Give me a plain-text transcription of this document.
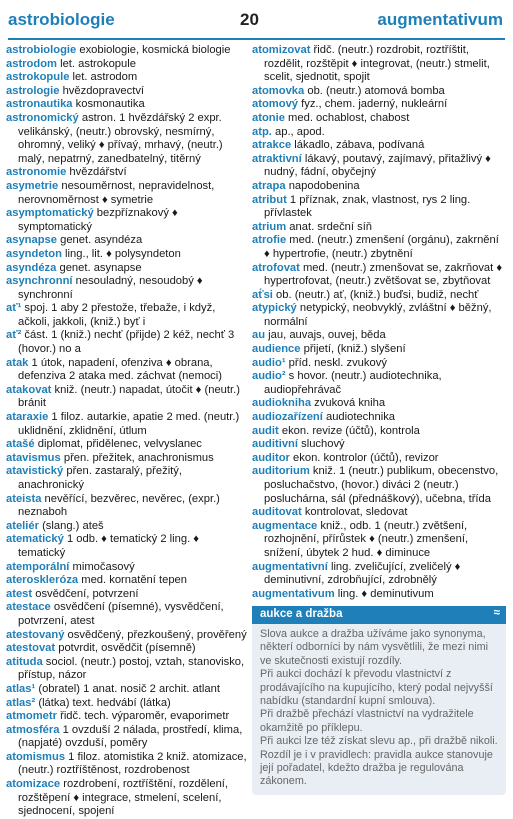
astrobiologie	20	augmentativum

astrobiologie exobiologie, kosmická biologie

astrodom let. astrokopule

astrokopule let. astrodom

astrologie hvězdopravectví

astronautika kosmonautika

astronomický astron. 1 hvězdářský 2 expr. velikánský, (neutr.) obrovský, nesmírný, ohromný, veliký ♦ přívaý, mrhavý, (neutr.) malý, nepatrný, zanedbatelný, titěrný

astronomie hvězdářství

asymetrie nesouměrnost, nepravidelnost, nerovnoměrnost ♦ symetrie

asymptomatický bezpříznakový ♦ symptomatický

asynapse genet. asyndéza

asyndeton ling., lit. ♦ polysyndeton

asyndéza genet. asynapse

asynchronní nesouladný, nesoudobý ♦ synchronní

ať¹ spoj. 1 aby 2 přestože, třebaže, i když, ačkoli, jakkoli, (kniž.) byť i

ať² část. 1 (kniž.) nechť (přijde) 2 kéž, nechť 3 (hovor.) no a

atak 1 útok, napadení, ofenziva ♦ obrana, defenziva 2 ataka med. záchvat (nemoci)

atakovat kniž. (neutr.) napadat, útočit ♦ (neutr.) bránit

ataraxie 1 filoz. autarkie, apatie 2 med. (neutr.) uklidnění, zklidnění, útlum

atašé diplomat, přidělenec, velvyslanec

atavismus přen. přežitek, anachronismus

atavistický přen. zastaralý, přežitý, anachronický

ateista nevěřící, bezvěrec, nevěrec, (expr.) neznaboh

ateliér (slang.) ateš

atematický 1 odb. ♦ tematický 2 ling. ♦ tematický

atemporální mimočasový

ateroskleróza med. kornatění tepen

atest osvědčení, potvrzení

atestace osvědčení (písemné), vysvědčení, potvrzení, atest

atestovaný osvědčený, přezkoušený, prověřený

atestovat potvrdit, osvědčit (písemně)

atituda sociol. (neutr.) postoj, vztah, stanovisko, přístup, názor

atlas¹ (obratel) 1 anat. nosič 2 archit. atlant

atlas² (látka) text. hedvábí (látka)

atmometr řidč. tech. výparoměr, evaporimetr

atmosféra 1 ovzduší 2 nálada, prostředí, klima, (napjaté) ovzduší, poměry

atomismus 1 filoz. atomistika 2 kniž. atomizace, (neutr.) roztříštěnost, rozdrobenost

atomizace rozdrobení, roztříštění, rozdělení, rozštěpení ♦ integrace, stmelení, scelení, sjednocení, spojení

atomizovat řidč. (neutr.) rozdrobit, roztříštit, rozdělit, rozštěpit ♦ integrovat, (neutr.) stmelit, scelit, sjednotit, spojit

atomovka ob. (neutr.) atomová bomba

atomový fyz., chem. jaderný, nukleární

atonie med. ochablost, chabost

atp. ap., apod.

atrakce lákadlo, zábava, podívaná

atraktivní lákavý, poutavý, zajímavý, přitažlivý ♦ nudný, fádní, obyčejný

atrapa napodobenina

atribut 1 příznak, znak, vlastnost, rys 2 ling. přívlastek

atrium anat. srdeční síň

atrofie med. (neutr.) zmenšení (orgánu), zakrnění ♦ hypertrofie, (neutr.) zbytnění

atrofovat med. (neutr.) zmenšovat se, zakrňovat ♦ hypertrofovat, (neutr.) zvětšovat se, zbytňovat

ať́si ob. (neutr.) ať, (kniž.) buďsi, budiž, nechť

atypický netypický, neobvyklý, zvláštní ♦ běžný, normální

au jau, auvajs, ouvej, běda

audience přijetí, (kniž.) slyšení

audio¹ příd. neskl. zvukový

audio² s hovor. (neutr.) audiotechnika, audiopřehrávač

audiokniha zvuková kniha

audiozařízení audiotechnika

audit ekon. revize (účtů), kontrola

auditivní sluchový

auditor ekon. kontrolor (účtů), revizor

auditorium kniž. 1 (neutr.) publikum, obecenstvo, posluchačstvo, (hovor.) diváci 2 (neutr.) posluchárna, sál (přednáškový), učebna, třída

auditovat kontrolovat, sledovat

augmentace kniž., odb. 1 (neutr.) zvětšení, rozhojnění, přírůstek ♦ (neutr.) zmenšení, snížení, úbytek 2 hud. ♦ diminuce

augmentativní ling. zveličující, zveličelý ♦ deminutivní, zdrobňující, zdrobnělý

augmentativum ling. ♦ deminutivum

aukce a dražba	≈

Slova aukce a dražba užíváme jako synonyma, některí odborníci by nám vysvětlili, že mezi nimi ve skutečnosti existují rozdíly.

Při aukci dochází k převodu vlastnictví z prodávajícího na kupujícího, který podal nejvyšší nabídku (standardní kupní smlouva).

Při dražbě přechází vlastnictví na vydražitele okamžitě po příklepu.

Při aukci lze též získat slevu ap., při dražbě nikoli. Rozdíl je i v pravidlech: pravidla aukce stanovuje její pořadatel, kdežto dražba je regulována zákonem.
